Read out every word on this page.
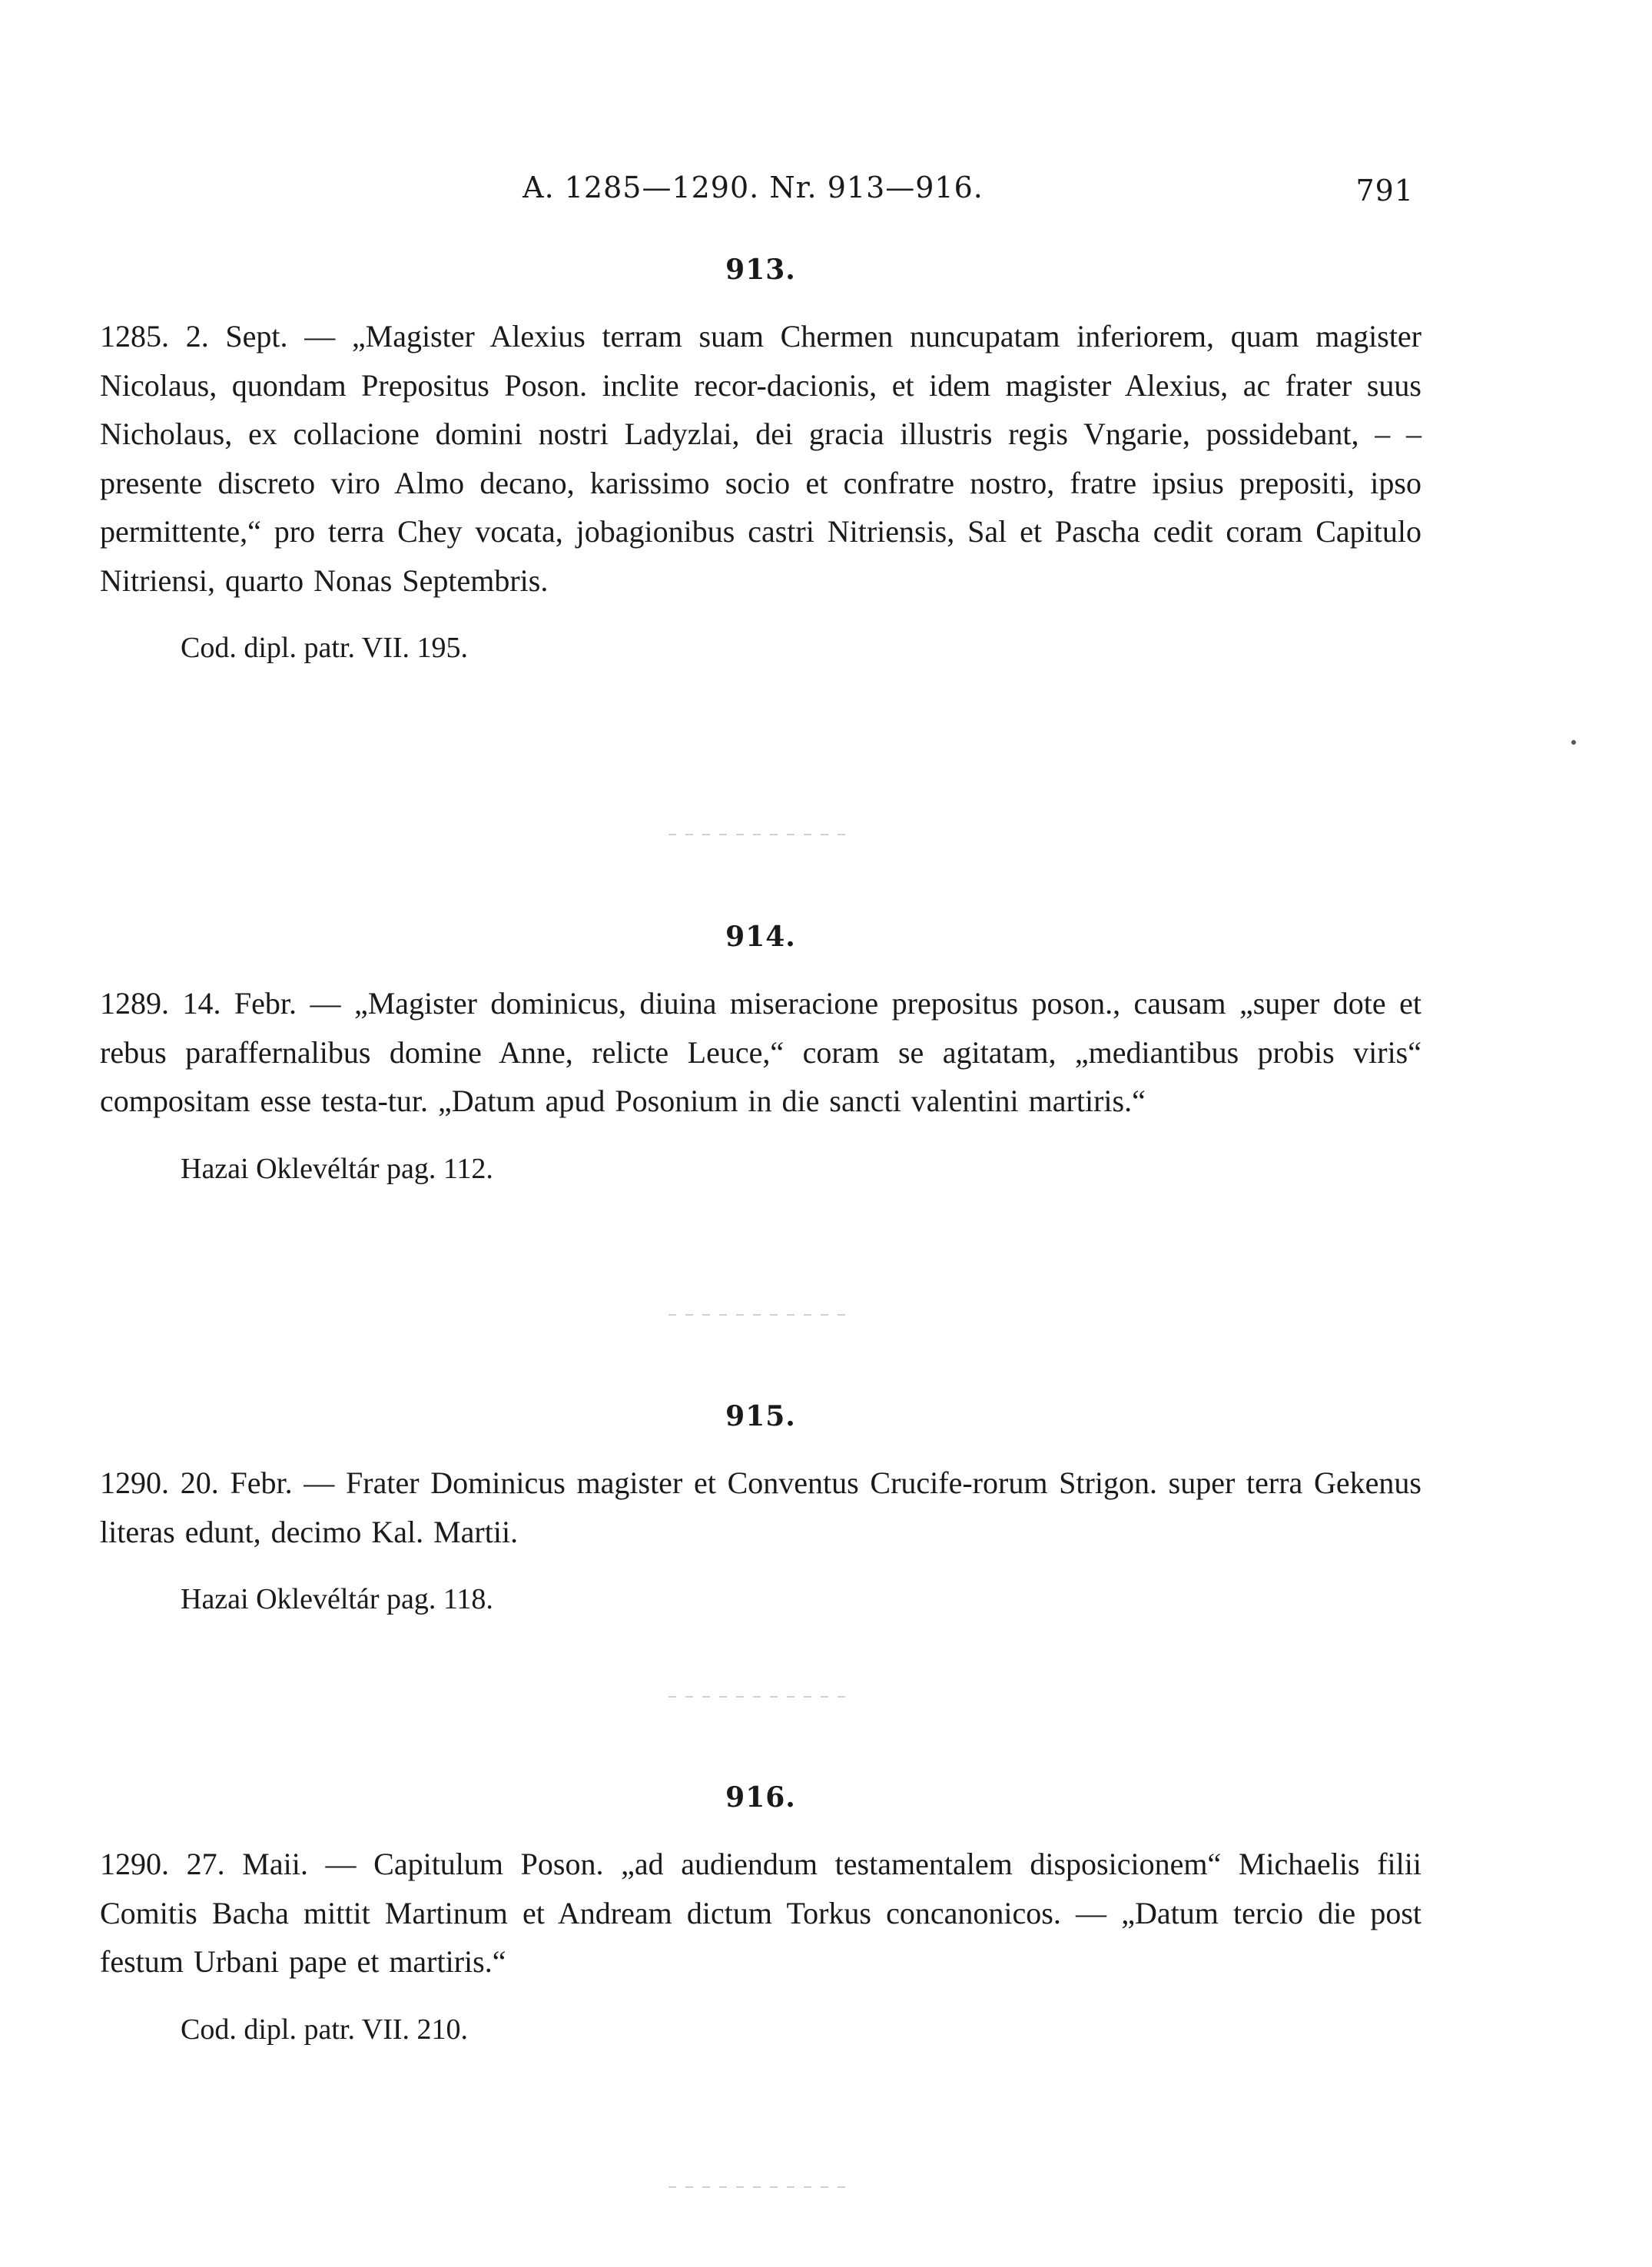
A. 1285—1290. Nr. 913—916.	791
913.
1285. 2. Sept. — „Magister Alexius terram suam Chermen nuncupatam inferiorem, quam magister Nicolaus, quondam Prepositus Poson. inclite recor-dacionis, et idem magister Alexius, ac frater suus Nicholaus, ex collacione domini nostri Ladyzlai, dei gracia illustris regis Vngarie, possidebant, – – presente discreto viro Almo decano, karissimo socio et confratre nostro, fratre ipsius prepositi, ipso permittente,“ pro terra Chey vocata, jobagionibus castri Nitriensis, Sal et Pascha cedit coram Capitulo Nitriensi, quarto Nonas Septembris.
Cod. dipl. patr. VII. 195.
914.
1289. 14. Febr. — „Magister dominicus, diuina miseracione prepositus poson., causam „super dote et rebus paraffernalibus domine Anne, relicte Leuce,“ coram se agitatam, „mediantibus probis viris“ compositam esse testa-tur. „Datum apud Posonium in die sancti valentini martiris.“
Hazai Oklevéltár pag. 112.
915.
1290. 20. Febr. — Frater Dominicus magister et Conventus Crucife-rorum Strigon. super terra Gekenus literas edunt, decimo Kal. Martii.
Hazai Oklevéltár pag. 118.
916.
1290. 27. Maii. — Capitulum Poson. „ad audiendum testamentalem disposicionem“ Michaelis filii Comitis Bacha mittit Martinum et Andream dictum Torkus concanonicos. — „Datum tercio die post festum Urbani pape et martiris.“
Cod. dipl. patr. VII. 210.
